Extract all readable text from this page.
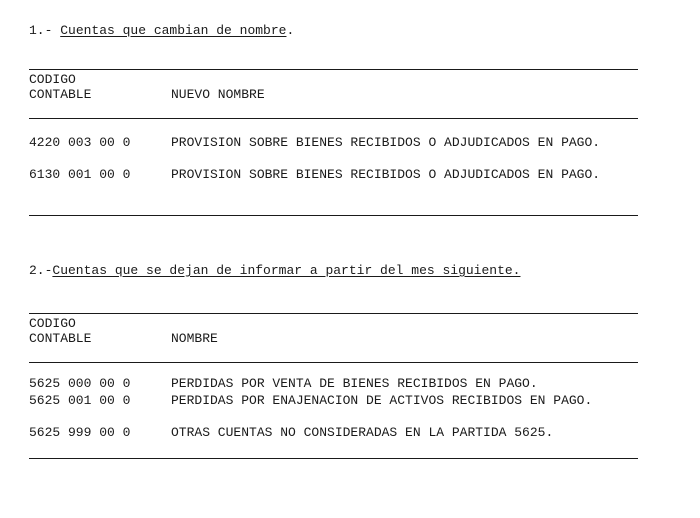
1.- Cuentas que cambian de nombre.
CODIGO
CONTABLE	NUEVO NOMBRE
4220 003 00 0	PROVISION SOBRE BIENES RECIBIDOS O ADJUDICADOS EN PAGO.
6130 001 00 0	PROVISION SOBRE BIENES RECIBIDOS O ADJUDICADOS EN PAGO.
2.-Cuentas que se dejan de informar a partir del mes siguiente.
CODIGO
CONTABLE	NOMBRE
5625 000 00 0	PERDIDAS POR VENTA DE BIENES RECIBIDOS EN PAGO.
5625 001 00 0	PERDIDAS POR ENAJENACION DE ACTIVOS RECIBIDOS EN PAGO.
5625 999 00 0	OTRAS CUENTAS NO CONSIDERADAS EN LA PARTIDA 5625.
